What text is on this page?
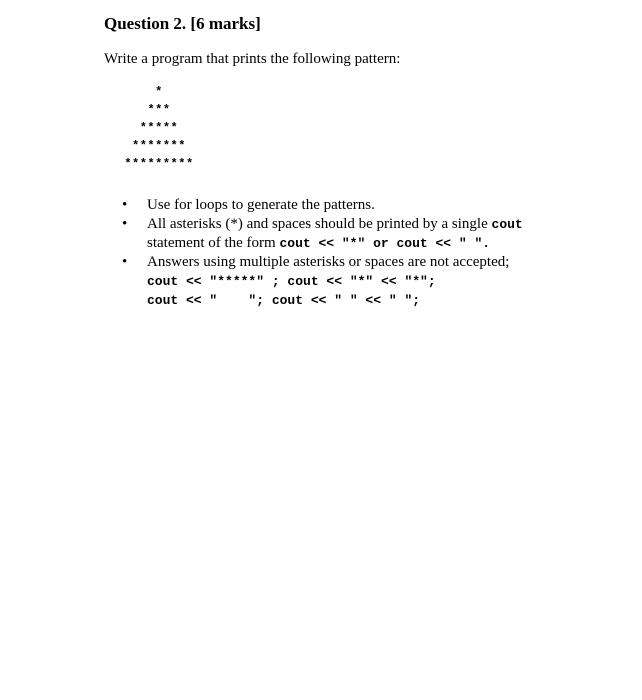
Question 2. [6 marks]
Write a program that prints the following pattern:
*
***
*****
*******
*********
• Use for loops to generate the patterns.
• All asterisks (*) and spaces should be printed by a single cout
statement of the form cout << "*" or cout << " ".
• Answers using multiple asterisks or spaces are not accepted;
cout << "*****" ; cout << "*" << "*";
cout << "    "; cout << " " << " ";
